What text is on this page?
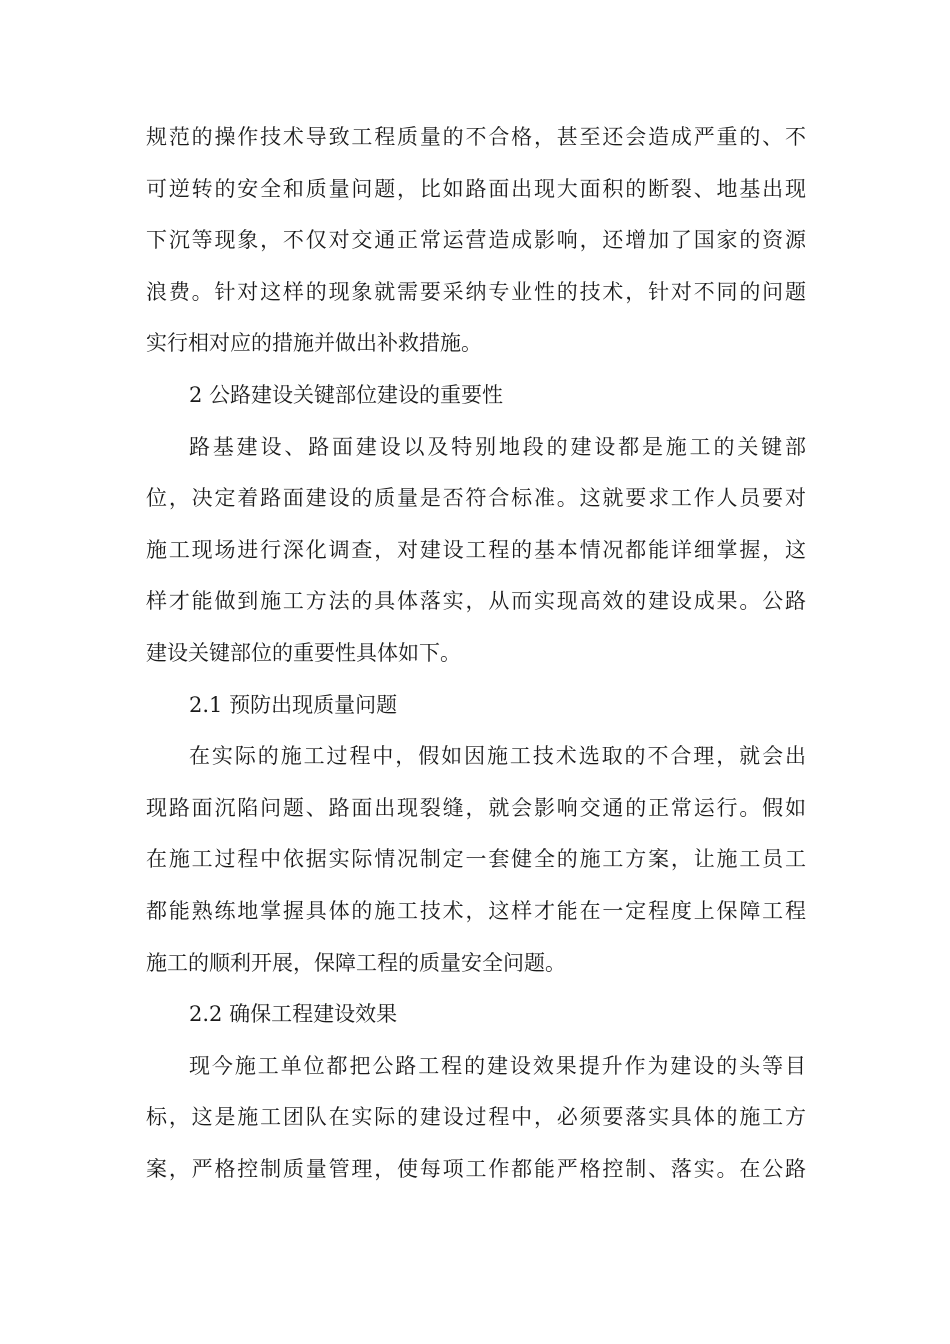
规范的操作技术导致工程质量的不合格，甚至还会造成严重的、不
可逆转的安全和质量问题，比如路面出现大面积的断裂、地基出现
下沉等现象，不仅对交通正常运营造成影响，还增加了国家的资源
浪费。针对这样的现象就需要采纳专业性的技术，针对不同的问题
实行相对应的措施并做出补救措施。
2 公路建设关键部位建设的重要性
路基建设、路面建设以及特别地段的建设都是施工的关键部
位，决定着路面建设的质量是否符合标准。这就要求工作人员要对
施工现场进行深化调查，对建设工程的基本情况都能详细掌握，这
样才能做到施工方法的具体落实，从而实现高效的建设成果。公路
建设关键部位的重要性具体如下。
2.1 预防出现质量问题
在实际的施工过程中，假如因施工技术选取的不合理，就会出
现路面沉陷问题、路面出现裂缝，就会影响交通的正常运行。假如
在施工过程中依据实际情况制定一套健全的施工方案，让施工员工
都能熟练地掌握具体的施工技术，这样才能在一定程度上保障工程
施工的顺利开展，保障工程的质量安全问题。
2.2 确保工程建设效果
现今施工单位都把公路工程的建设效果提升作为建设的头等目
标，这是施工团队在实际的建设过程中，必须要落实具体的施工方
案，严格控制质量管理，使每项工作都能严格控制、落实。在公路
